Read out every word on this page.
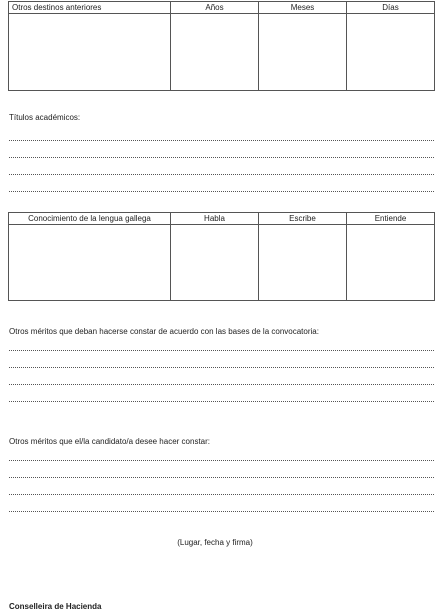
Otros destinos anteriores	Años	Meses	Días

Títulos académicos:
Conocimiento de la lengua gallega	Habla	Escribe	Entiende

Otros méritos que deban hacerse constar de acuerdo con las bases de la convocatoria:
Otros méritos que el/la candidato/a desee hacer constar:
(Lugar, fecha y firma)
Conselleira de Hacienda
